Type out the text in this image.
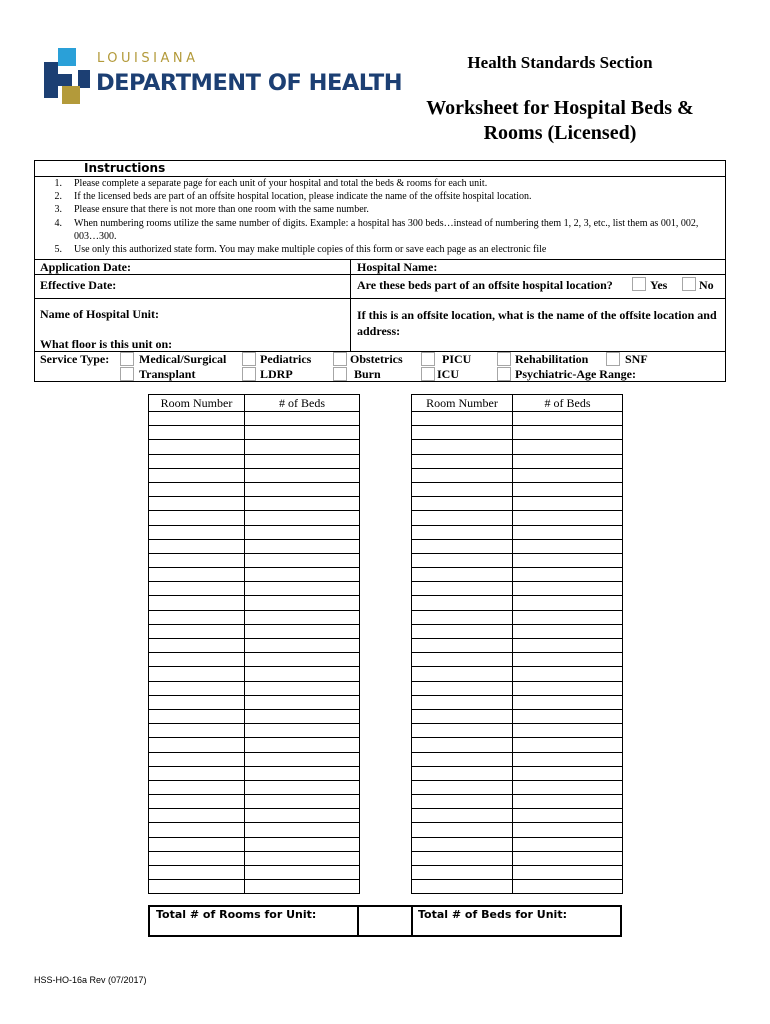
LOUISIANA
DEPARTMENT OF HEALTH
Health Standards Section
Worksheet for Hospital Beds &
Rooms (Licensed)
Instructions
1.	Please complete a separate page for each unit of your hospital and total the beds & rooms for each unit.
2.	If the licensed beds are part of an offsite hospital location, please indicate the name of the offsite hospital location.
3.	Please ensure that there is not more than one room with the same number.
4.	When numbering rooms utilize the same number of digits. Example: a hospital has 300 beds…instead of numbering them 1, 2, 3, etc., list them as 001, 002, 003…300.
5.	Use only this authorized state form. You may make multiple copies of this form or save each page as an electronic file
Application Date:	Hospital Name:
Effective Date:	Are these beds part of an offsite hospital location?	Yes	No
Name of Hospital Unit:	If this is an offsite location, what is the name of the offsite location and address:
What floor is this unit on:
Service Type: Medical/Surgical	Pediatrics	Obstetrics	PICU	Rehabilitation	SNF
Transplant	LDRP	Burn	ICU	Psychiatric-Age Range:
Room Number	# of Beds

		Room Number	# of Beds

Total # of Rooms for Unit:	Total # of Beds for Unit:
HSS-HO-16a Rev (07/2017)
